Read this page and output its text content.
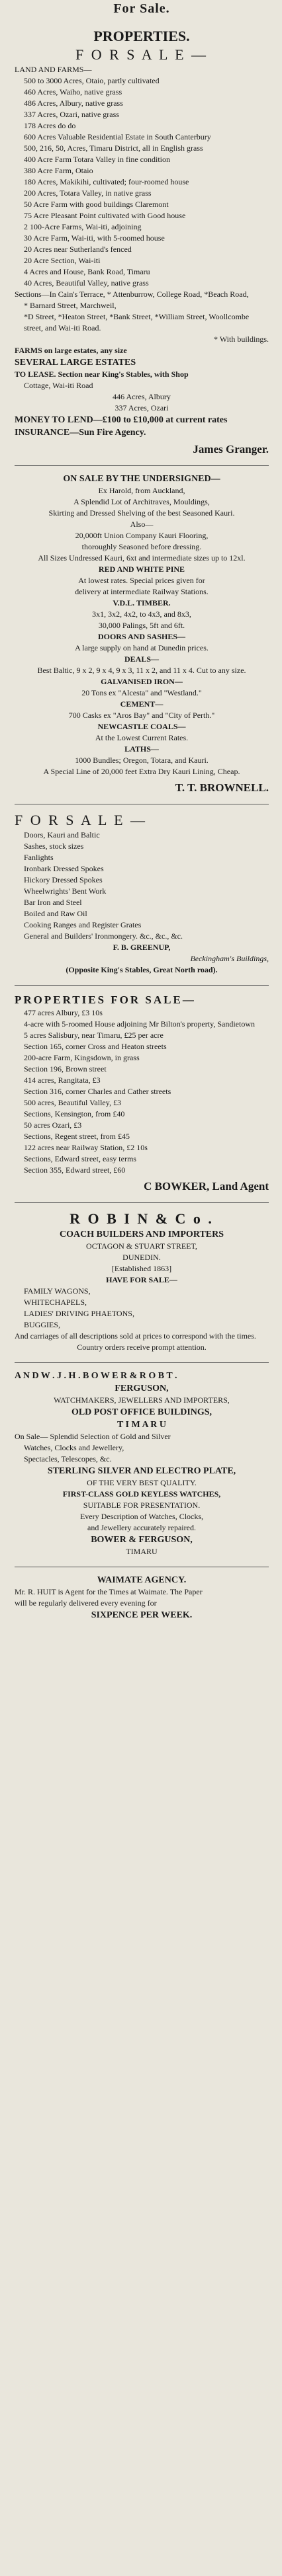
For Sale.

PROPERTIES.

F O R S A L E —

LAND AND FARMS—

500 to 3000 Acres, Otaio, partly cultivated

460 Acres, Waiho, native grass

486 Acres, Albury, native grass

337 Acres, Ozari, native grass

178 Acres do do

600 Acres Valuable Residential Estate in South Canterbury

500, 216, 50, Acres, Timaru District, all in English grass

400 Acre Farm Totara Valley in fine condition

380 Acre Farm, Otaio

180 Acres, Makikihi, cultivated; four-roomed house

200 Acres, Totara Valley, in native grass

50 Acre Farm with good buildings Claremont

75 Acre Pleasant Point cultivated with Good house

2 100-Acre Farms, Wai-iti, adjoining

30 Acre Farm, Wai-iti, with 5-roomed house

20 Acres near Sutherland's fenced

20 Acre Section, Wai-iti

4 Acres and House, Bank Road, Timaru

40 Acres, Beautiful Valley, native grass

Sections—In Cain's Terrace, * Attenburrow, College Road, *Beach Road,

* Barnard Street, Marchweil,

*D Street, *Heaton Street, *Bank Street, *William Street, Woollcombe

street, and Wai-iti Road.

* With buildings.

FARMS on large estates, any size

SEVERAL LARGE ESTATES

TO LEASE. Section near King's Stables, with Shop

Cottage, Wai-iti Road

446 Acres, Albury

337 Acres, Ozari

MONEY TO LEND—£100 to £10,000 at current rates

INSURANCE—Sun Fire Agency.

James Granger.

ON SALE BY THE UNDERSIGNED—

Ex Harold, from Auckland,

A Splendid Lot of Architraves, Mouldings,

Skirting and Dressed Shelving of the best Seasoned Kauri.

Also—

20,000ft Union Company Kauri Flooring,

thoroughly Seasoned before dressing.

All Sizes Undressed Kauri, 6xt and intermediate sizes up to 12xl.

RED AND WHITE PINE

At lowest rates. Special prices given for

delivery at intermediate Railway Stations.

V.D.L. TIMBER.

3x1, 3x2, 4x2, to 4x3, and 8x3,

30,000 Palings, 5ft and 6ft.

DOORS AND SASHES—

A large supply on hand at Dunedin prices.

DEALS—

Best Baltic, 9 x 2, 9 x 4, 9 x 3, 11 x 2, and 11 x 4. Cut to any size.

GALVANISED IRON—

20 Tons ex "Alcesta" and "Westland."

CEMENT—

700 Casks ex "Aros Bay" and "City of Perth."

NEWCASTLE COALS—

At the Lowest Current Rates.

LATHS—

1000 Bundles; Oregon, Totara, and Kauri.

A Special Line of 20,000 feet Extra Dry Kauri Lining, Cheap.

T. T. BROWNELL.

F O R S A L E —

Doors, Kauri and Baltic

Sashes, stock sizes

Fanlights

Ironbark Dressed Spokes

Hickory Dressed Spokes

Wheelwrights' Bent Work

Bar Iron and Steel

Boiled and Raw Oil

Cooking Ranges and Register Grates

General and Builders' Ironmongery. &c., &c., &c.

F. B. GREENUP,

Beckingham's Buildings,

(Opposite King's Stables, Great North road).

PROPERTIES FOR SALE—

477 acres Albury, £3 10s

4-acre with 5-roomed House adjoining Mr Bilton's property, Sandietown

5 acres Salisbury, near Timaru, £25 per acre

Section 165, corner Cross and Heaton streets

200-acre Farm, Kingsdown, in grass

Section 196, Brown street

414 acres, Rangitata, £3

Section 316, corner Charles and Cather streets

500 acres, Beautiful Valley, £3

Sections, Kensington, from £40

50 acres Ozari, £3

Sections, Regent street, from £45

122 acres near Railway Station, £2 10s

Sections, Edward street, easy terms

Section 355, Edward street, £60

C BOWKER, Land Agent

R O B I N & C o .

COACH BUILDERS AND IMPORTERS

OCTAGON & STUART STREET,

DUNEDIN.

[Established 1863]

HAVE FOR SALE—

FAMILY WAGONS,

WHITECHAPELS,

LADIES' DRIVING PHAETONS,

BUGGIES,

And carriages of all descriptions sold at prices to correspond with the times.

Country orders receive prompt attention.

A N D W . J . H . B O W E R & R O B T .

FERGUSON,

WATCHMAKERS, JEWELLERS AND IMPORTERS,

OLD POST OFFICE BUILDINGS,

T I M A R U

On Sale— Splendid Selection of Gold and Silver

Watches, Clocks and Jewellery,

Spectacles, Telescopes, &c.

STERLING SILVER AND ELECTRO PLATE,

OF THE VERY BEST QUALITY.

FIRST-CLASS GOLD KEYLESS WATCHES,

SUITABLE FOR PRESENTATION.

Every Description of Watches, Clocks,

and Jewellery accurately repaired.

BOWER & FERGUSON,

TIMARU

WAIMATE AGENCY.

Mr. R. HUIT is Agent for the Times at Waimate. The Paper

will be regularly delivered every evening for

SIXPENCE PER WEEK.
